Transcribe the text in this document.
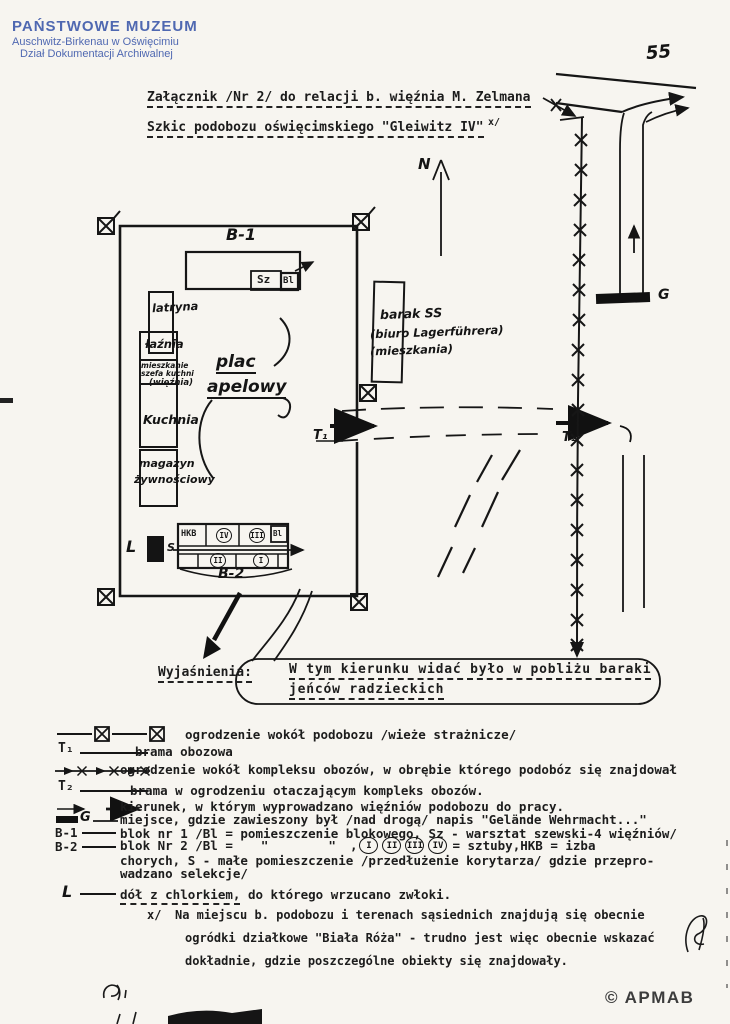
PAŃSTWOWE MUZEUM
Auschwitz-Birkenau w Oświęcimiu
Dział Dokumentacji Archiwalnej	55
Załącznik /Nr 2/ do relacji b. więźnia M. Zelmana
Szkic podobozu oświęcimskiego "Gleiwitz IV" $^{x/}$
N
B-1
Sz Bl
latryna
łaźnia
mieszkanie
szefa kuchni
(więźnia)
plac
apelowy
Kuchnia
magazyn
żywnościowy
barak SS
(biuro Lagerführera)
(mieszkania)
T₁	T₂
G
L	S
HKB	Bl
IV	III
II	I
B-2
W tym kierunku widać było w pobliżu baraki
jeńców radzieckich
Wyjaśnienia:
ogrodzenie wokół podobozu /wieże strażnicze/
T₁	brama obozowa
ogrodzenie wokół kompleksu obozów, w obrębie którego podobóz się znajdował
T₂	brama w ogrodzeniu otaczającym kompleks obozów.
kierunek, w którym wyprowadzano więźniów podobozu do pracy.
G miejsce, gdzie zawieszony był /nad drogą/ napis "Gelände Wehrmacht..."
B-1	blok nr 1 /Bl = pomieszczenie blokowego, Sz - warsztat szewski-4 więźniów/
B-2	blok Nr 2 /Bl = "	" , I	II	III	IV = sztuby,HKB = izba
chorych, S - małe pomieszczenie /przedłużenie korytarza/ gdzie przepro-
wadzano selekcje/
L	dół z chlorkiem, do którego wrzucano zwłoki.
x/ Na miejscu b. podobozu i terenach sąsiednich znajdują się obecnie
ogródki działkowe "Biała Róża" - trudno jest więc obecnie wskazać
dokładnie, gdzie poszczególne obiekty się znajdowały.
© APMAB
